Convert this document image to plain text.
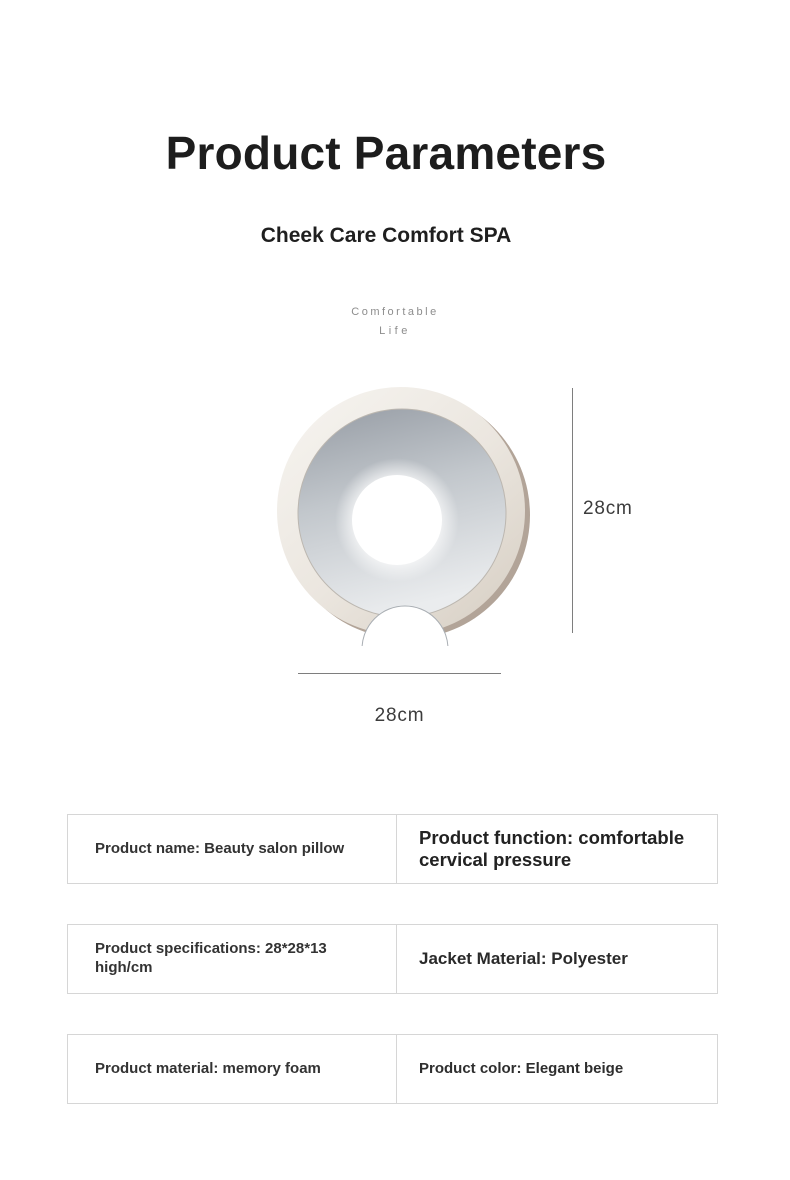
Product Parameters
Cheek Care Comfort SPA
Comfortable
Life
28cm
28cm
Product name: Beauty salon pillow	Product function: comfortable cervical pressure
Product specifications: 28*28*13 high/cm	Jacket Material: Polyester
Product material: memory foam	Product color: Elegant beige
